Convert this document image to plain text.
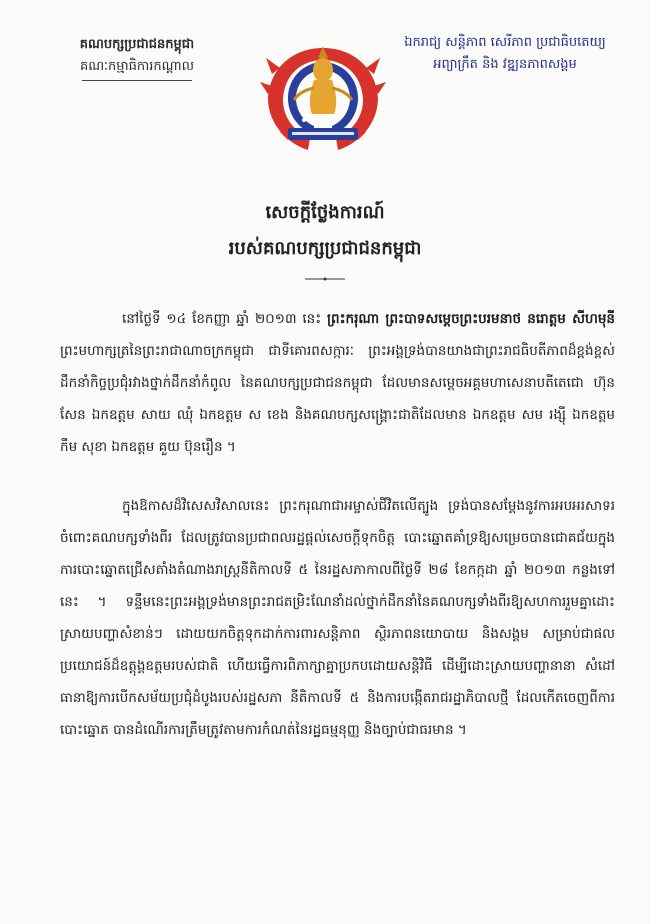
គណបក្សប្រជាជនកម្ពុជា
គណៈកម្មាធិការកណ្តាល
ឯករាជ្យ សន្តិភាព សេរីភាព ប្រជាធិបតេយ្យ
អព្យាក្រឹត និង វឌ្ឍនភាពសង្គម
សេចក្តីថ្លែងការណ៍
របស់គណបក្សប្រជាជនកម្ពុជា
នៅថ្ងៃទី ១៤ ខែកញ្ញា ឆ្នាំ ២០១៣ នេះ ព្រះករុណា ព្រះបាទសម្តេចព្រះបរមនាថ នរោត្តម សីហមុនី ព្រះមហាក្សត្រនៃព្រះរាជាណាចក្រកម្ពុជា ជាទីគោរពសក្ការៈ ព្រះអង្គទ្រង់បានយាងជាព្រះរាជធិបតីភាពដ៏ខ្ពង់ខ្ពស់ដឹកនាំកិច្ចប្រជុំរវាងថ្នាក់ដឹកនាំកំពូល នៃគណបក្សប្រជាជនកម្ពុជា ដែលមានសម្តេចអគ្គមហាសេនាបតីតេជោ ហ៊ុន សែន ឯកឧត្តម សាយ ឈុំ ឯកឧត្តម ស ខេង និងគណបក្សសង្គ្រោះជាតិដែលមាន ឯកឧត្តម សម រង្ស៊ី ឯកឧត្តម កឹម សុខា ឯកឧត្តម គួយ ប៊ុនរឿន ។
ក្នុងឱកាសដ៏វិសេសវិសាលនេះ ព្រះករុណាជាអម្ចាស់ជីវិតលើត្បូង ទ្រង់បានសម្តែងនូវការអបអរសាទរចំពោះគណបក្សទាំងពីរ ដែលត្រូវបានប្រជាពលរដ្ឋផ្តល់សេចក្តីទុកចិត្ត បោះឆ្នោតគាំទ្រឱ្យសម្រេចបានជោគជ័យក្នុងការបោះឆ្នោតជ្រើសតាំងតំណាងរាស្ត្រនីតិកាលទី ៥ នៃរដ្ឋសភាកាលពីថ្ងៃទី ២៨ ខែកក្កដា ឆ្នាំ ២០១៣ កន្លងទៅនេះ ។ ទន្ទឹមនេះព្រះអង្គទ្រង់មានព្រះរាជតម្រិះណែនាំដល់ថ្នាក់ដឹកនាំនៃគណបក្សទាំងពីរឱ្យសហការរួមគ្នាដោះស្រាយបញ្ហាសំខាន់ៗ ដោយយកចិត្តទុកដាក់ការពារសន្តិភាព ស្ថិរភាពនយោបាយ និងសង្គម សម្រាប់ជាផលប្រយោជន៍ដ៏ឧត្តុង្គឧត្តមរបស់ជាតិ ហើយធ្វើការពិភាក្សាគ្នាប្រកបដោយសន្តិវិធី ដើម្បីដោះស្រាយបញ្ហានានា សំដៅធានាឱ្យការបើកសម័យប្រជុំដំបូងរបស់រដ្ឋសភា នីតិកាលទី ៥ និងការបង្កើតរាជរដ្ឋាភិបាលថ្មី ដែលកើតចេញពីការបោះឆ្នោត បានដំណើរការត្រឹមត្រូវតាមការកំណត់នៃរដ្ឋធម្មនុញ្ញ និងច្បាប់ជាធរមាន ។
